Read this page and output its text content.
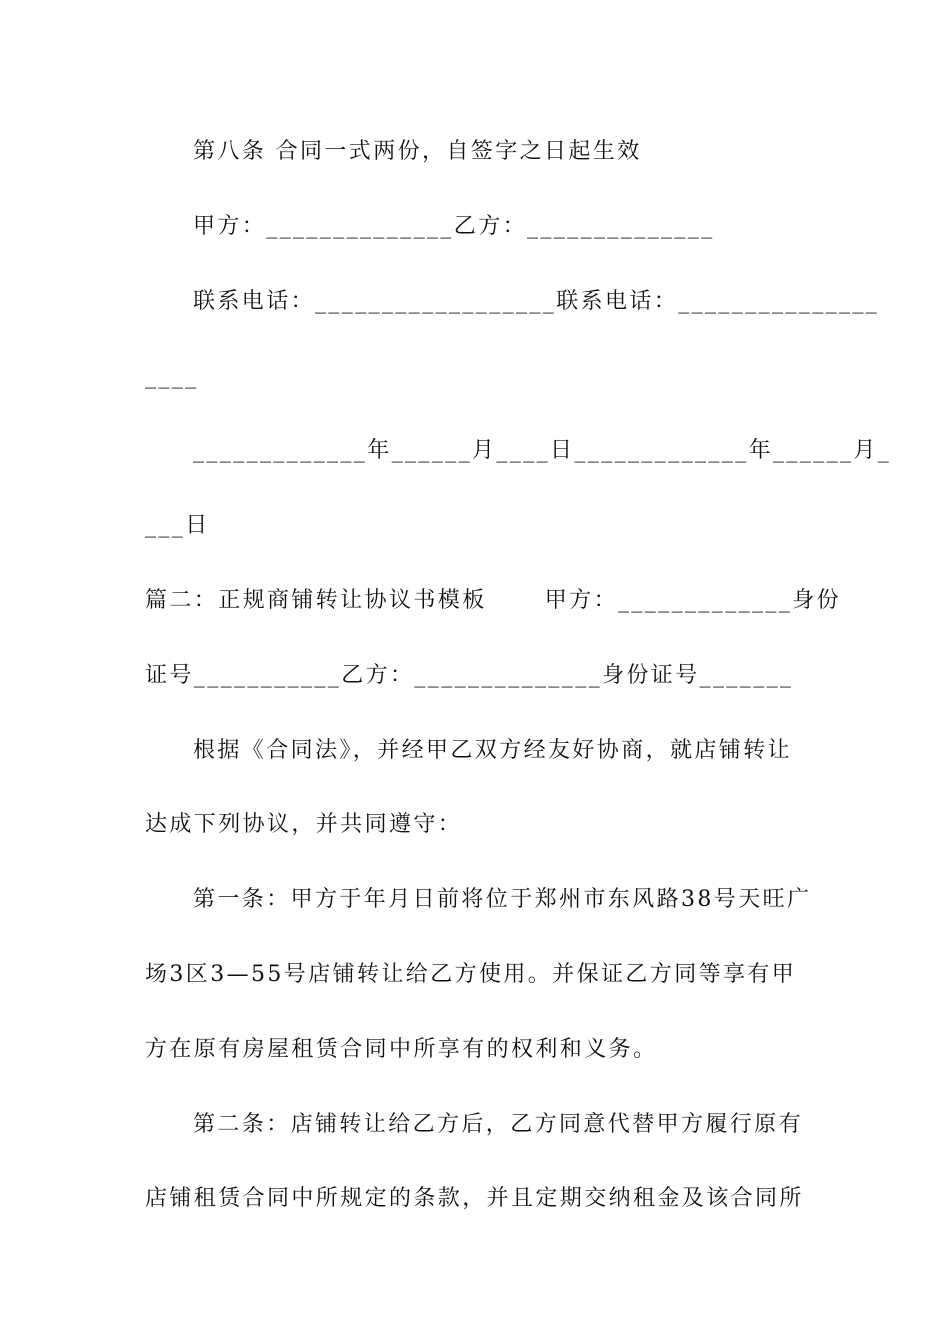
第八条 合同一式两份，自签字之日起生效
甲方：______________乙方：______________
联系电话：__________________联系电话：_______________
____
_____________年______月____日_____________年______月_
___日
篇二：正规商铺转让协议书模板　　 甲方：_____________身份
证号___________乙方：______________身份证号_______
根据《合同法》，并经甲乙双方经友好协商，就店铺转让
达成下列协议，并共同遵守：
第一条：甲方于年月日前将位于郑州市东风路38号天旺广
场3区3—55号店铺转让给乙方使用。并保证乙方同等享有甲
方在原有房屋租赁合同中所享有的权利和义务。
第二条：店铺转让给乙方后，乙方同意代替甲方履行原有
店铺租赁合同中所规定的条款，并且定期交纳租金及该合同所
